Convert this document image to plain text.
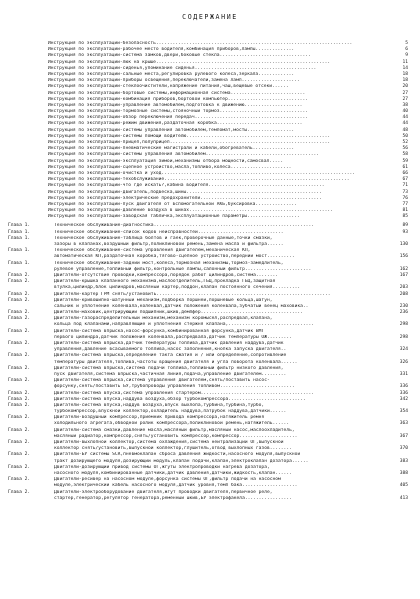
СОДЕРЖАНИЕ
Инструкция по эксплуатации-безопасность.......................................................................	5
Инструкция по эксплуатации-рабочее место водителя,комбинация приборов,лампы..............	6
Инструкция по эксплуатации-система замков,двери,боковые стекла.................................	9
Инструкция по эксплуатации-люк на крыше...............................................................	11
Инструкция по эксплуатации-сиденья,упоминание сиденья............................................	14
Инструкция по эксплуатации-сальные места,регулировка рулевого колеса,зеркала.............	18
Инструкция по эксплуатации-приборы освещения,переключатели,замена ламп.....................	18
Инструкция по эксплуатации-стеклоочистители,напряжение питания,чаш,вещевые отсеки......	20
Инструкция по эксплуатации-бортовые системы,информационная система...........................	27
Инструкция по эксплуатации-комбинация приборов,бортовой компьютер.............................	27
Инструкция по эксплуатации-управление автомобилем,подготовка к движению.....................	38
Инструкция по эксплуатации-тормозные системы,стояночный тормоз................................	40
Инструкция по эксплуатации-обзор переключения передач.........................................	44
Инструкция по эксплуатации-режим движения,раздаточная коробка...............................	44
Инструкция по эксплуатации-системы управления автомобилем,темпомат,мосты.................	48
Инструкция по эксплуатации-системы помощи водителю....................................................	50
Инструкция по эксплуатации-прицеп,полуприцеп..........................................................	52
Инструкция по эксплуатации-пневматические магистрали и кабели,обогреватель...............	56
Инструкция по эксплуатации-системы управления автомобилем.........................................	58
Инструкция по эксплуатации-эксплуатация зимой,механизмы отбора мощности,самосвал.....	59
Инструкция по эксплуатации-сцепное устройство,масла,топливо,колеса......................	61
Инструкция по эксплуатации-очистка и уход......................................................................	66
Инструкция по эксплуатации-техобслуживание...................................................................	67
Инструкция по эксплуатации-что где искать?,кабина водителя..........................................	71
Инструкция по эксплуатации-двигатель,подвеска,шины.................................................	73
Инструкция по эксплуатации-электрические предохранители............................................	76
Инструкция по эксплуатации-пуск двигателя от вспомогательной АКБ,буксировка...............	77
Инструкция по эксплуатации-давление воздуха в шинах....................................................	81
Инструкция по эксплуатации-заводская табличка,эксплуатационные параметры...................	85
Глава 1.	Техническое обслуживание-диагностика..........................................................	89
Глава 1.	Техническое обслуживание-список кодов неисправностей...............................	93
Глава 1.	Техническое обслуживание-таблица болтов и гаек,проверочные данные,точки смазки,
зазоры в клапанах,воздушный фильтр,поликлиновой ремень,замена масла и фильтра......	130
Глава 1.	Техническое обслуживание-система управления двигателем,механическая КП,
автоматическая КП,раздаточная коробка,тягово-сцепное устройство,передний мост..........	156
Глава 1.	Техническое обслуживание-задний мост,колеса,тормозная механизмы,тормоз-замедлитель,
рулевое управление,топливный фильтр,контрольные лампы,салонный фильтр........................	162
Глава 2.	Двигатели-отсутствие проводки,компрессора,порядок работ цилиндров,система........	167
Глава 2.	Двигатели-крышка клапанного механизма,маслоотделитель,ГБЦ,прокладка ГБЦ,защитная
втулка,цилиндр,блок цилиндров,масляный картер,поддон,клапан постоянного сечения..........	203
Глава 2.	Двигатели-картер ГРМ снять/установить...............................................................	208
Глава 2.	Двигатели-кривошипно-шатунный механизм,подборка поршней,поршневые кольца,шатун,
сальник и уплотнение коленвала,коленвал,датчик положения коленвала,зубчатый венец маховика..	230
Глава 2.	Двигатели-маховик,центрирующий подшипник,шкив,демпфер.....................................	236
Глава 2.	Двигатели-газораспределительный механизм,механизм коромысел,распредвал,клапана,
кольца под клапанами,направляющие и уплотнения стержня клапана,...............................	298
Глава 2.	Двигатели-система впрыска,насос-форсунка,комбинированная форсунка,датчик ВМТ
первого цилиндра,датчик положения коленвала,распредвала,датчик температуры ОЖ.........	298
Глава 2.	Двигатели-система впрыска,датчик температуры топлива,датчик давления наддува,датчик
управления,давление всасываемого топлива,насос заполнения,кнопка запуска двигателя..	324
Глава 2.	Двигатели-система впрыска,определение такта сжатия и / или определение,сопротивление
температуры двигателя,топлива,частоты вращения двигателя и угла поворота коленвала......	326
Глава 2.	Двигатели-система впрыска,система подачи топлива,топливный фильтр низкого давления,
пуск двигателя,система впрыска,частичная линия,подача,управление двигателем.........	331
Глава 2.	Двигатели-система впрыска,система управления двигателем,снять/поставить насос-
форсунку,снять/поставить БУ,трубопроводы управления топливом...........................	336
Глава 2.	Двигатели-система впуска,система управления стартером.........................................	336
Глава 2.	Двигатели-система впуска,наддува воздуха,обзор турбокомпрессора............................	342
Глава 2.	Двигатели-система впуска,наддув воздуха,впуск выхлопа,турбина,турбина,турбо,
турбокомпрессор,впускной коллектор,охладитель наддува,патрубок наддува,датчики......	354
Глава 2.	Двигатели-воздушный компрессор,приемник привода компрессора,натяжитель ремня
холодильного агрегата,обводной ролик компрессора,поликлиновой ремень,натяжитель......	363
Глава 2.	Двигатели-система смазки,давление масла,масляный фильтр,масляный насос,маслоохладитель,
масляный радиатор,компрессор,снять/установить компрессор,компрессор.....................	367
Глава 2.	Двигатели-выхлопной коллектор,система охлаждения,система нейтрализации ОГ,выпускной
коллектор снять/установить,выпускной коллектор,глушитель,отвод выхлопных газов........	370
Глава 2.	Двигатели-БУ системы SCR,пневмоклапан сброса давления жидкости,насосного модуля,выпускной
тракт дозирующего модуля,дозирующий модуль,клапан подачи,клапан,электроклапан дозатора......	383
Глава 2.	Двигатели-дозирующий привод системы ОГ,жгуты электропроводки нагрева дозатора,
насосного модуля,комбинированные датчики,датчик давления,датчики,жидкость,клапан......	388
Глава 2.	Двигатели-ресивер на насосном модуле,форсунка системы ОГ,фильтр подачи на насосном
модуле,электрический кабель насосного модуля,датчик уровня,темп бака....................	405
Глава 2.	Двигатели-электрооборудование двигателя,жгут проводки двигателя,первичное реле,
стартер,генератор,регулятор генератора,ременный шкив,БУ электрофакела.................	413
